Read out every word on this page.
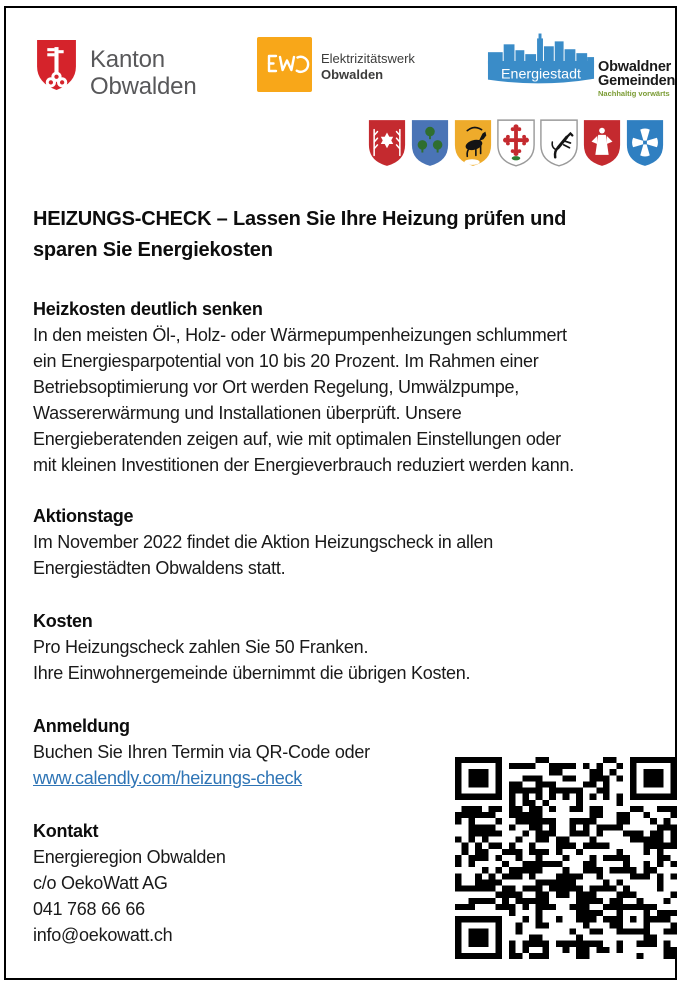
Kanton
Obwalden
Elektrizitätswerk
Obwalden	Energiestadt Obwaldner
Gemeinden
Nachhaltig vorwärts
HEIZUNGS-CHECK – Lassen Sie Ihre Heizung prüfen und
sparen Sie Energiekosten
Heizkosten deutlich senken
In den meisten Öl-, Holz- oder Wärmepumpenheizungen schlummert
ein Energiesparpotential von 10 bis 20 Prozent. Im Rahmen einer
Betriebsoptimierung vor Ort werden Regelung, Umwälzpumpe,
Wassererwärmung und Installationen überprüft. Unsere
Energieberatenden zeigen auf, wie mit optimalen Einstellungen oder
mit kleinen Investitionen der Energieverbrauch reduziert werden kann.
Aktionstage
Im November 2022 findet die Aktion Heizungscheck in allen
Energiestädten Obwaldens statt.
Kosten
Pro Heizungscheck zahlen Sie 50 Franken.
Ihre Einwohnergemeinde übernimmt die übrigen Kosten.
Anmeldung
Buchen Sie Ihren Termin via QR-Code oder
www.calendly.com/heizungs-check
Kontakt
Energieregion Obwalden
c/o OekoWatt AG
041 768 66 66
info@oekowatt.ch
